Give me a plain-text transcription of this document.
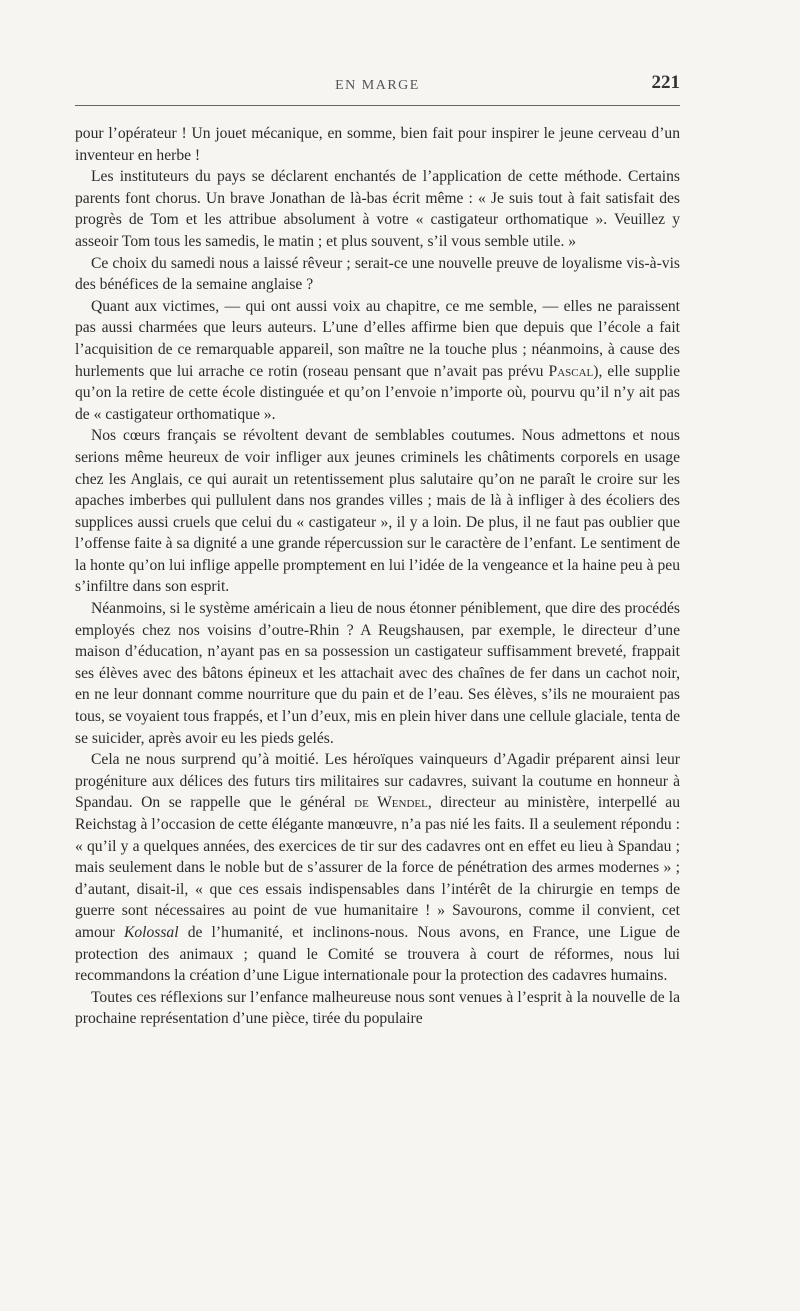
EN MARGE	221

pour l’opérateur ! Un jouet mécanique, en somme, bien fait pour inspirer le jeune cerveau d’un inventeur en herbe !

Les instituteurs du pays se déclarent enchantés de l’application de cette méthode. Certains parents font chorus. Un brave Jonathan de là-bas écrit même : « Je suis tout à fait satisfait des progrès de Tom et les attribue absolument à votre « castigateur orthomatique ». Veuillez y asseoir Tom tous les samedis, le matin ; et plus souvent, s’il vous semble utile. »

Ce choix du samedi nous a laissé rêveur ; serait-ce une nouvelle preuve de loyalisme vis-à-vis des bénéfices de la semaine anglaise ?

Quant aux victimes, — qui ont aussi voix au chapitre, ce me semble, — elles ne paraissent pas aussi charmées que leurs auteurs. L’une d’elles affirme bien que depuis que l’école a fait l’acquisition de ce remarquable appareil, son maître ne la touche plus ; néanmoins, à cause des hurlements que lui arrache ce rotin (roseau pensant que n’avait pas prévu Pascal), elle supplie qu’on la retire de cette école distinguée et qu’on l’envoie n’importe où, pourvu qu’il n’y ait pas de « castigateur orthomatique ».

Nos cœurs français se révoltent devant de semblables coutumes. Nous admettons et nous serions même heureux de voir infliger aux jeunes criminels les châtiments corporels en usage chez les Anglais, ce qui aurait un retentissement plus salutaire qu’on ne paraît le croire sur les apaches imberbes qui pullulent dans nos grandes villes ; mais de là à infliger à des écoliers des supplices aussi cruels que celui du « castigateur », il y a loin. De plus, il ne faut pas oublier que l’offense faite à sa dignité a une grande répercussion sur le caractère de l’enfant. Le sentiment de la honte qu’on lui inflige appelle promptement en lui l’idée de la vengeance et la haine peu à peu s’infiltre dans son esprit.

Néanmoins, si le système américain a lieu de nous étonner péniblement, que dire des procédés employés chez nos voisins d’outre-Rhin ? A Reugshausen, par exemple, le directeur d’une maison d’éducation, n’ayant pas en sa possession un castigateur suffisamment breveté, frappait ses élèves avec des bâtons épineux et les attachait avec des chaînes de fer dans un cachot noir, en ne leur donnant comme nourriture que du pain et de l’eau. Ses élèves, s’ils ne mouraient pas tous, se voyaient tous frappés, et l’un d’eux, mis en plein hiver dans une cellule glaciale, tenta de se suicider, après avoir eu les pieds gelés.

Cela ne nous surprend qu’à moitié. Les héroïques vainqueurs d’Agadir préparent ainsi leur progéniture aux délices des futurs tirs militaires sur cadavres, suivant la coutume en honneur à Spandau. On se rappelle que le général de Wendel, directeur au ministère, interpellé au Reichstag à l’occasion de cette élégante manœuvre, n’a pas nié les faits. Il a seulement répondu : « qu’il y a quelques années, des exercices de tir sur des cadavres ont en effet eu lieu à Spandau ; mais seulement dans le noble but de s’assurer de la force de pénétration des armes modernes » ; d’autant, disait-il, « que ces essais indispensables dans l’intérêt de la chirurgie en temps de guerre sont nécessaires au point de vue humanitaire ! » Savourons, comme il convient, cet amour Kolossal de l’humanité, et inclinons-nous. Nous avons, en France, une Ligue de protection des animaux ; quand le Comité se trouvera à court de réformes, nous lui recommandons la création d’une Ligue internationale pour la protection des cadavres humains.

Toutes ces réflexions sur l’enfance malheureuse nous sont venues à l’esprit à la nouvelle de la prochaine représentation d’une pièce, tirée du populaire
